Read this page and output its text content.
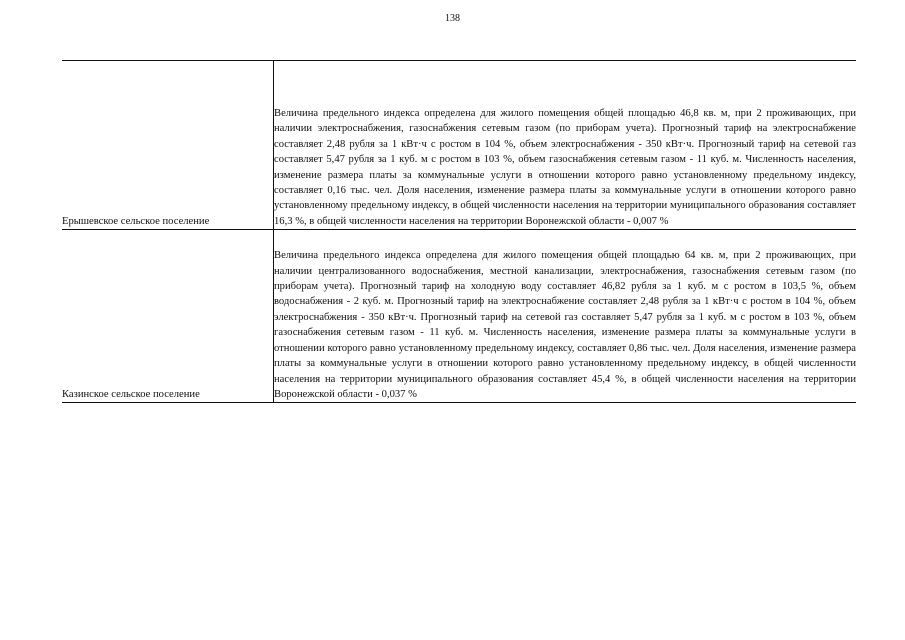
138
Ерышевское сельское поселение	Величина предельного индекса определена для жилого помещения общей площадью 46,8 кв. м, при 2 проживающих, при наличии электроснабжения, газоснабжения сетевым газом (по приборам учета). Прогнозный тариф на электроснабжение составляет 2,48 рубля за 1 кВт·ч с ростом в 104 %, объем электроснабжения - 350 кВт·ч. Прогнозный тариф на сетевой газ составляет 5,47 рубля за 1 куб. м с ростом в 103 %, объем газоснабжения сетевым газом - 11 куб. м. Численность населения, изменение размера платы за коммунальные услуги в отношении которого равно установленному предельному индексу, составляет 0,16 тыс. чел. Доля населения, изменение размера платы за коммунальные услуги в отношении которого равно установленному предельному индексу, в общей численности населения на территории муниципального образования составляет 16,3 %, в общей численности населения на территории Воронежской области - 0,007 %

Казинское сельское поселение	Величина предельного индекса определена для жилого помещения общей площадью 64 кв. м, при 2 проживающих, при наличии централизованного водоснабжения, местной канализации, электроснабжения, газоснабжения сетевым газом (по приборам учета). Прогнозный тариф на холодную воду составляет 46,82 рубля за 1 куб. м с ростом в 103,5 %, объем водоснабжения - 2 куб. м. Прогнозный тариф на электроснабжение составляет 2,48 рубля за 1 кВт·ч с ростом в 104 %, объем электроснабжения - 350 кВт·ч. Прогнозный тариф на сетевой газ составляет 5,47 рубля за 1 куб. м с ростом в 103 %, объем газоснабжения сетевым газом - 11 куб. м. Численность населения, изменение размера платы за коммунальные услуги в отношении которого равно установленному предельному индексу, составляет 0,86 тыс. чел. Доля населения, изменение размера платы за коммунальные услуги в отношении которого равно установленному предельному индексу, в общей численности населения на территории муниципального образования составляет 45,4 %, в общей численности населения на территории Воронежской области - 0,037 %
